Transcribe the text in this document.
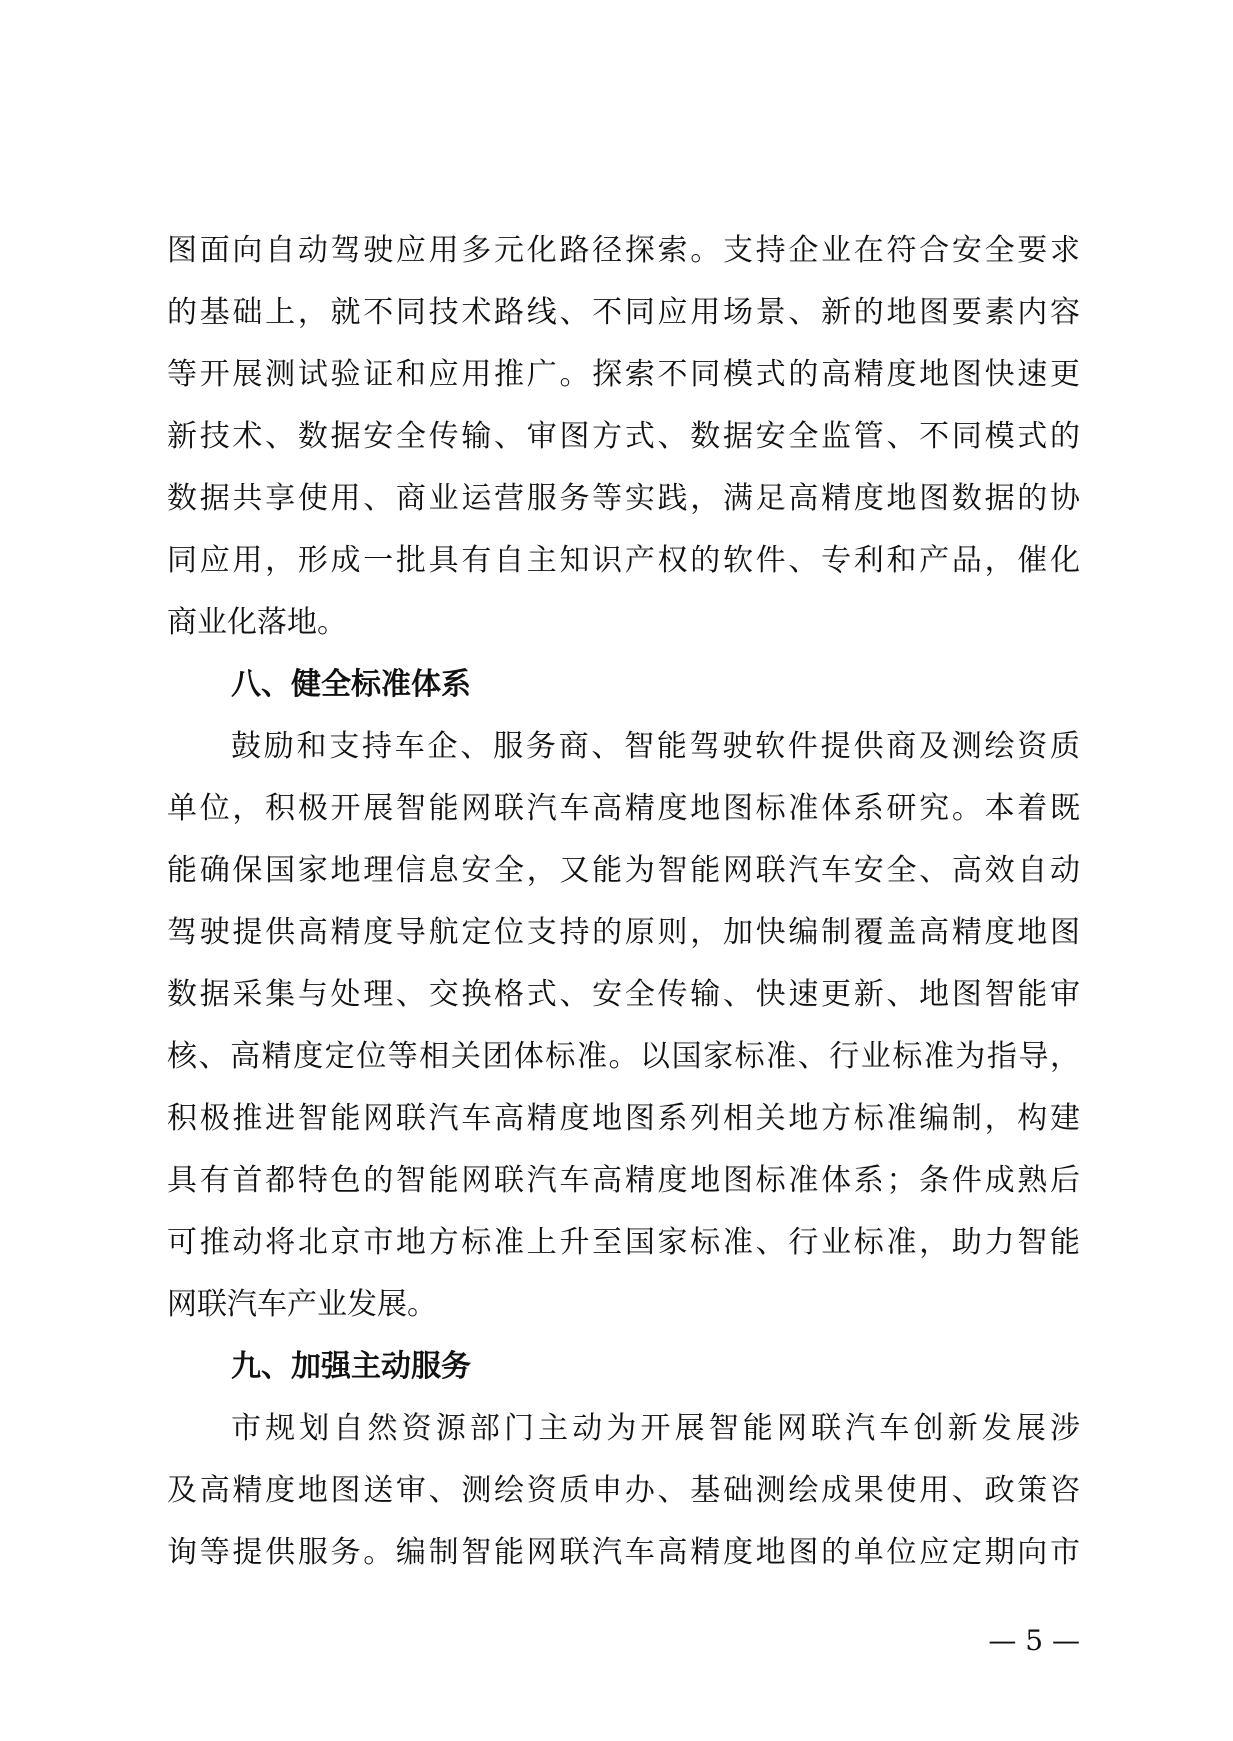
图面向自动驾驶应用多元化路径探索。支持企业在符合安全要求
的基础上，就不同技术路线、不同应用场景、新的地图要素内容
等开展测试验证和应用推广。探索不同模式的高精度地图快速更
新技术、数据安全传输、审图方式、数据安全监管、不同模式的
数据共享使用、商业运营服务等实践，满足高精度地图数据的协
同应用，形成一批具有自主知识产权的软件、专利和产品，催化
商业化落地。
八、健全标准体系
鼓励和支持车企、服务商、智能驾驶软件提供商及测绘资质
单位，积极开展智能网联汽车高精度地图标准体系研究。本着既
能确保国家地理信息安全，又能为智能网联汽车安全、高效自动
驾驶提供高精度导航定位支持的原则，加快编制覆盖高精度地图
数据采集与处理、交换格式、安全传输、快速更新、地图智能审
核、高精度定位等相关团体标准。以国家标准、行业标准为指导，
积极推进智能网联汽车高精度地图系列相关地方标准编制，构建
具有首都特色的智能网联汽车高精度地图标准体系；条件成熟后
可推动将北京市地方标准上升至国家标准、行业标准，助力智能
网联汽车产业发展。
九、加强主动服务
市规划自然资源部门主动为开展智能网联汽车创新发展涉
及高精度地图送审、测绘资质申办、基础测绘成果使用、政策咨
询等提供服务。编制智能网联汽车高精度地图的单位应定期向市
— 5 —
